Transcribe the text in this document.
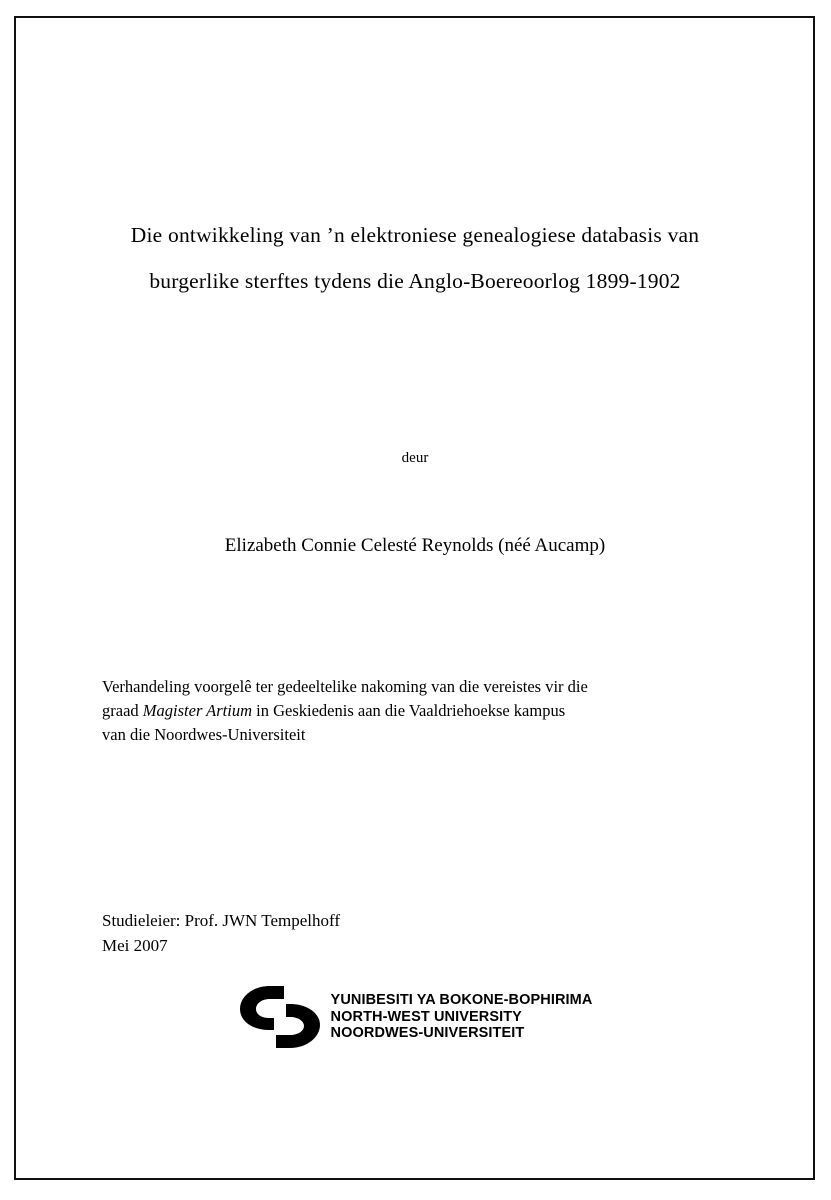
Die ontwikkeling van ’n elektroniese genealogiese databasis van
burgerlike sterftes tydens die Anglo-Boereoorlog 1899-1902
deur
Elizabeth Connie Celesté Reynolds (néé Aucamp)

Verhandeling voorgelê ter gedeeltelike nakoming van die vereistes vir die

graad Magister Artium in Geskiedenis aan die Vaaldriehoekse kampus

van die Noordwes-Universiteit

Studieleier: Prof. JWN Tempelhoff
Mei 2007
YUNIBESITI YA BOKONE-BOPHIRIMA
NORTH-WEST UNIVERSITY
NOORDWES-UNIVERSITEIT
